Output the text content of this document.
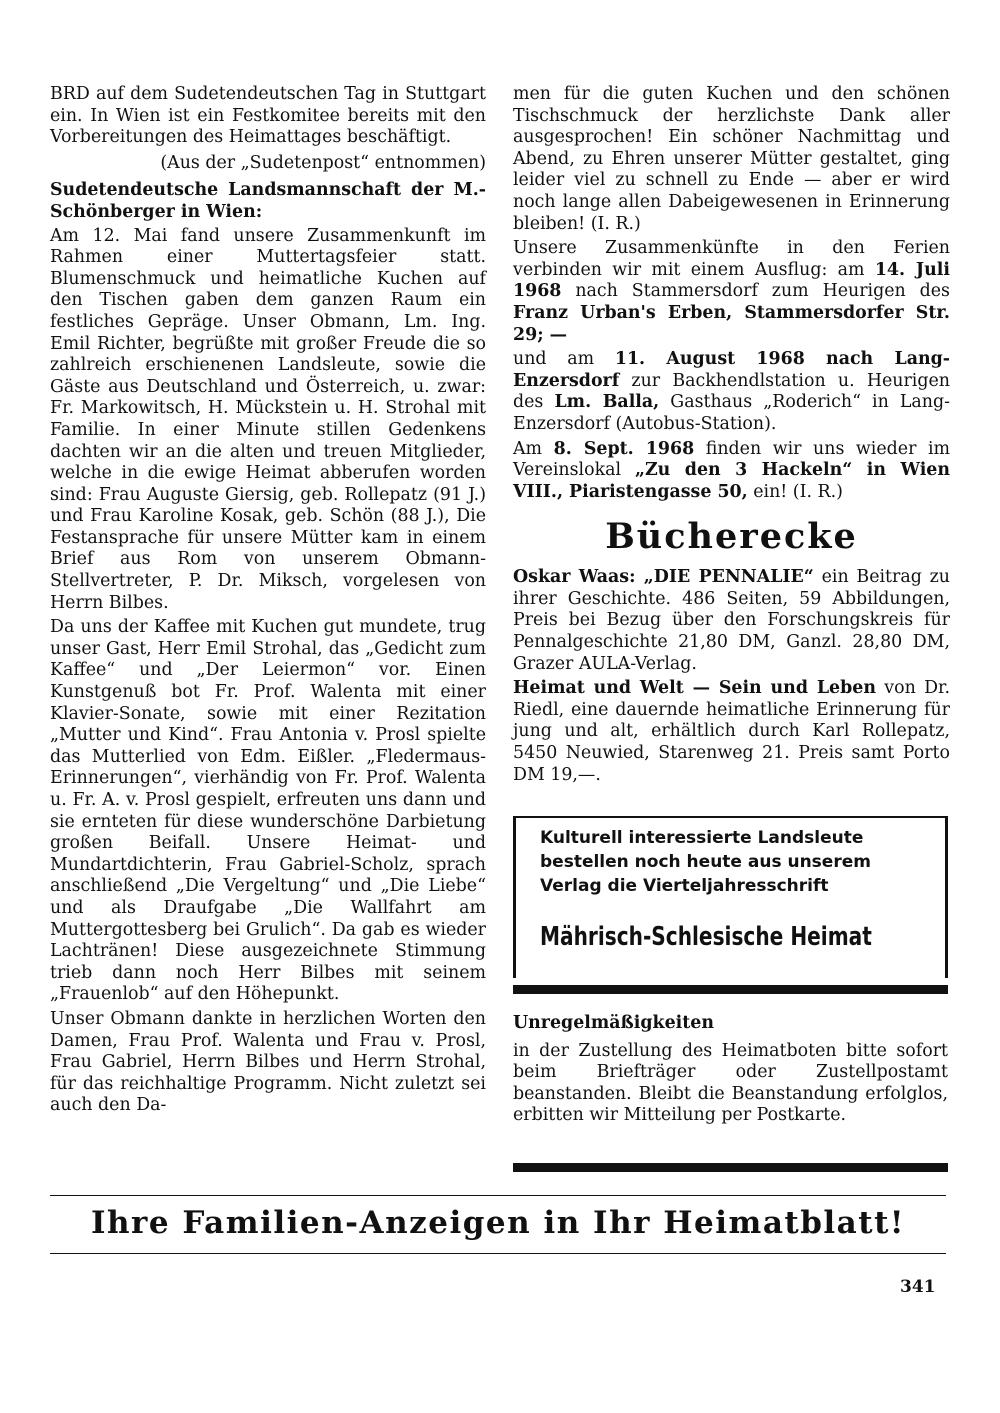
BRD auf dem Sudetendeutschen Tag in Stuttgart ein. In Wien ist ein Festkomitee bereits mit den Vorbereitungen des Heimattages beschäftigt.

(Aus der „Sudetenpost“ entnommen)

Sudetendeutsche Landsmannschaft der M.-Schönberger in Wien:

Am 12. Mai fand unsere Zusammenkunft im Rahmen einer Muttertagsfeier statt. Blumenschmuck und heimatliche Kuchen auf den Tischen gaben dem ganzen Raum ein festliches Gepräge. Unser Obmann, Lm. Ing. Emil Richter, begrüßte mit großer Freude die so zahlreich erschienenen Landsleute, sowie die Gäste aus Deutschland und Österreich, u. zwar: Fr. Markowitsch, H. Mückstein u. H. Strohal mit Familie. In einer Minute stillen Gedenkens dachten wir an die alten und treuen Mitglieder, welche in die ewige Heimat abberufen worden sind: Frau Auguste Giersig, geb. Rollepatz (91 J.) und Frau Karoline Kosak, geb. Schön (88 J.), Die Festansprache für unsere Mütter kam in einem Brief aus Rom von unserem Obmann-Stellvertreter, P. Dr. Miksch, vorgelesen von Herrn Bilbes.

Da uns der Kaffee mit Kuchen gut mundete, trug unser Gast, Herr Emil Strohal, das „Gedicht zum Kaffee“ und „Der Leiermon“ vor. Einen Kunstgenuß bot Fr. Prof. Walenta mit einer Klavier-Sonate, sowie mit einer Rezitation „Mutter und Kind“. Frau Antonia v. Prosl spielte das Mutterlied von Edm. Eißler. „Fledermaus-Erinnerungen“, vierhändig von Fr. Prof. Walenta u. Fr. A. v. Prosl gespielt, erfreuten uns dann und sie ernteten für diese wunderschöne Darbietung großen Beifall. Unsere Heimat- und Mundartdichterin, Frau Gabriel-Scholz, sprach anschließend „Die Vergeltung“ und „Die Liebe“ und als Draufgabe „Die Wallfahrt am Muttergottesberg bei Grulich“. Da gab es wieder Lachtränen! Diese ausgezeichnete Stimmung trieb dann noch Herr Bilbes mit seinem „Frauenlob“ auf den Höhepunkt.

Unser Obmann dankte in herzlichen Worten den Damen, Frau Prof. Walenta und Frau v. Prosl, Frau Gabriel, Herrn Bilbes und Herrn Strohal, für das reichhaltige Programm. Nicht zuletzt sei auch den Da-

men für die guten Kuchen und den schönen Tischschmuck der herzlichste Dank aller ausgesprochen! Ein schöner Nachmittag und Abend, zu Ehren unserer Mütter gestaltet, ging leider viel zu schnell zu Ende — aber er wird noch lange allen Dabeigewesenen in Erinnerung bleiben! (I. R.)

Unsere Zusammenkünfte in den Ferien verbinden wir mit einem Ausflug: am 14. Juli 1968 nach Stammersdorf zum Heurigen des Franz Urban's Erben, Stammersdorfer Str. 29; —

und am 11. August 1968 nach Lang-Enzersdorf zur Backhendlstation u. Heurigen des Lm. Balla, Gasthaus „Roderich“ in Lang-Enzersdorf (Autobus-Station).

Am 8. Sept. 1968 finden wir uns wieder im Vereinslokal „Zu den 3 Hackeln“ in Wien VIII., Piaristengasse 50, ein! (I. R.)

Bücherecke

Oskar Waas: „DIE PENNALIE“ ein Beitrag zu ihrer Geschichte. 486 Seiten, 59 Abbildungen, Preis bei Bezug über den Forschungskreis für Pennalgeschichte 21,80 DM, Ganzl. 28,80 DM, Grazer AULA-Verlag.

Heimat und Welt — Sein und Leben von Dr. Riedl, eine dauernde heimatliche Erinnerung für jung und alt, erhältlich durch Karl Rollepatz, 5450 Neuwied, Starenweg 21. Preis samt Porto DM 19,—.

Kulturell interessierte Landsleute
bestellen noch heute aus unserem
Verlag die Vierteljahresschrift
Mährisch-Schlesische Heimat
Unregelmäßigkeiten

in der Zustellung des Heimatboten bitte sofort beim Briefträger oder Zustellpostamt beanstanden. Bleibt die Beanstandung erfolglos, erbitten wir Mitteilung per Postkarte.

Ihre Familien-Anzeigen in Ihr Heimatblatt!
341
